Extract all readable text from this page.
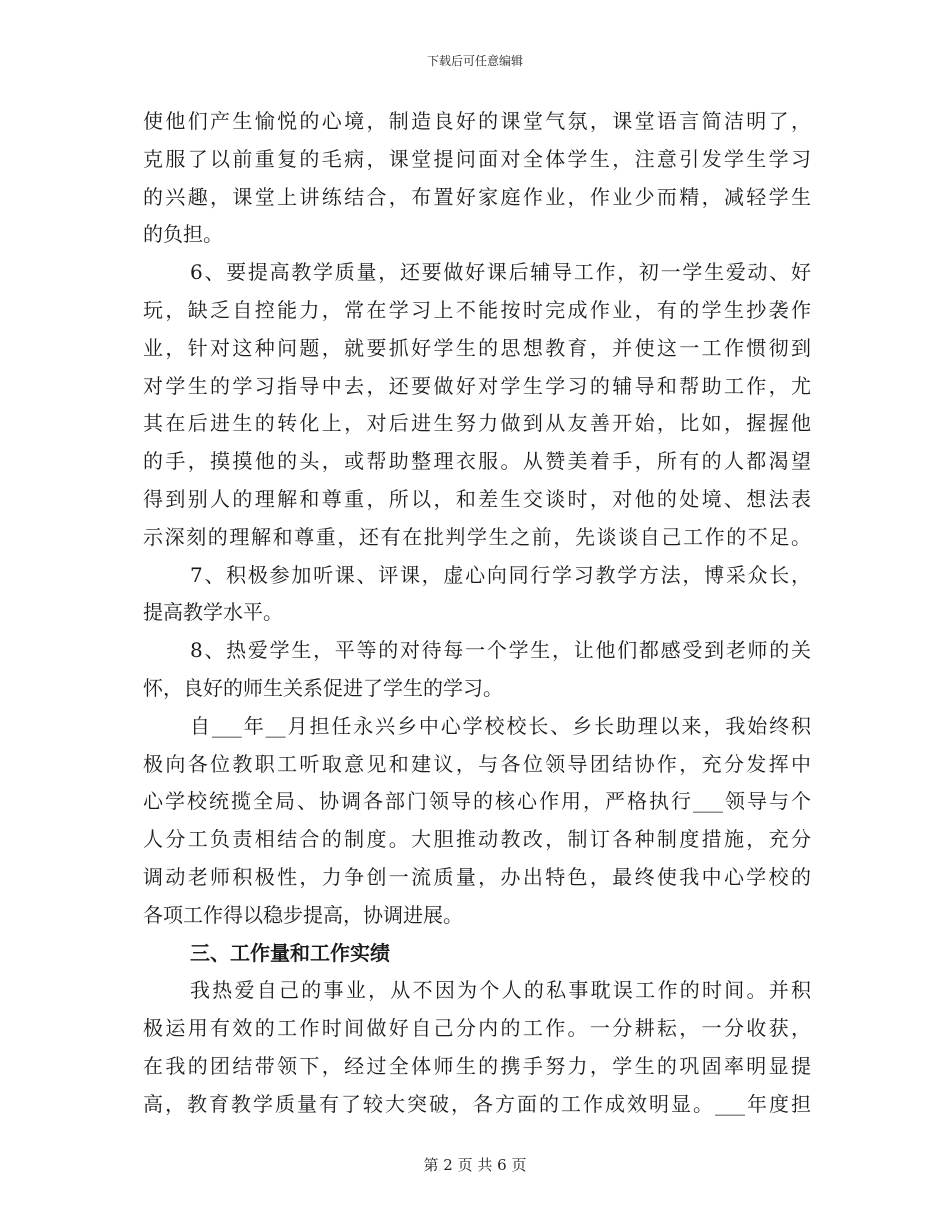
下载后可任意编辑
使他们产生愉悦的心境，制造良好的课堂气氛，课堂语言简洁明了，
克服了以前重复的毛病，课堂提问面对全体学生，注意引发学生学习
的兴趣，课堂上讲练结合，布置好家庭作业，作业少而精，减轻学生
的负担。
6、要提高教学质量，还要做好课后辅导工作，初一学生爱动、好
玩，缺乏自控能力，常在学习上不能按时完成作业，有的学生抄袭作
业，针对这种问题，就要抓好学生的思想教育，并使这一工作惯彻到
对学生的学习指导中去，还要做好对学生学习的辅导和帮助工作，尤
其在后进生的转化上，对后进生努力做到从友善开始，比如，握握他
的手，摸摸他的头，或帮助整理衣服。从赞美着手，所有的人都渴望
得到别人的理解和尊重，所以，和差生交谈时，对他的处境、想法表
示深刻的理解和尊重，还有在批判学生之前，先谈谈自己工作的不足。
7、积极参加听课、评课，虚心向同行学习教学方法，博采众长，
提高教学水平。
8、热爱学生，平等的对待每一个学生，让他们都感受到老师的关
怀，良好的师生关系促进了学生的学习。
自___年__月担任永兴乡中心学校校长、乡长助理以来，我始终积
极向各位教职工听取意见和建议，与各位领导团结协作，充分发挥中
心学校统揽全局、协调各部门领导的核心作用，严格执行___领导与个
人分工负责相结合的制度。大胆推动教改，制订各种制度措施，充分
调动老师积极性，力争创一流质量，办出特色，最终使我中心学校的
各项工作得以稳步提高，协调进展。
三、工作量和工作实绩
我热爱自己的事业，从不因为个人的私事耽误工作的时间。并积
极运用有效的工作时间做好自己分内的工作。一分耕耘，一分收获，
在我的团结带领下，经过全体师生的携手努力，学生的巩固率明显提
高，教育教学质量有了较大突破，各方面的工作成效明显。___年度担
第 2 页 共 6 页
